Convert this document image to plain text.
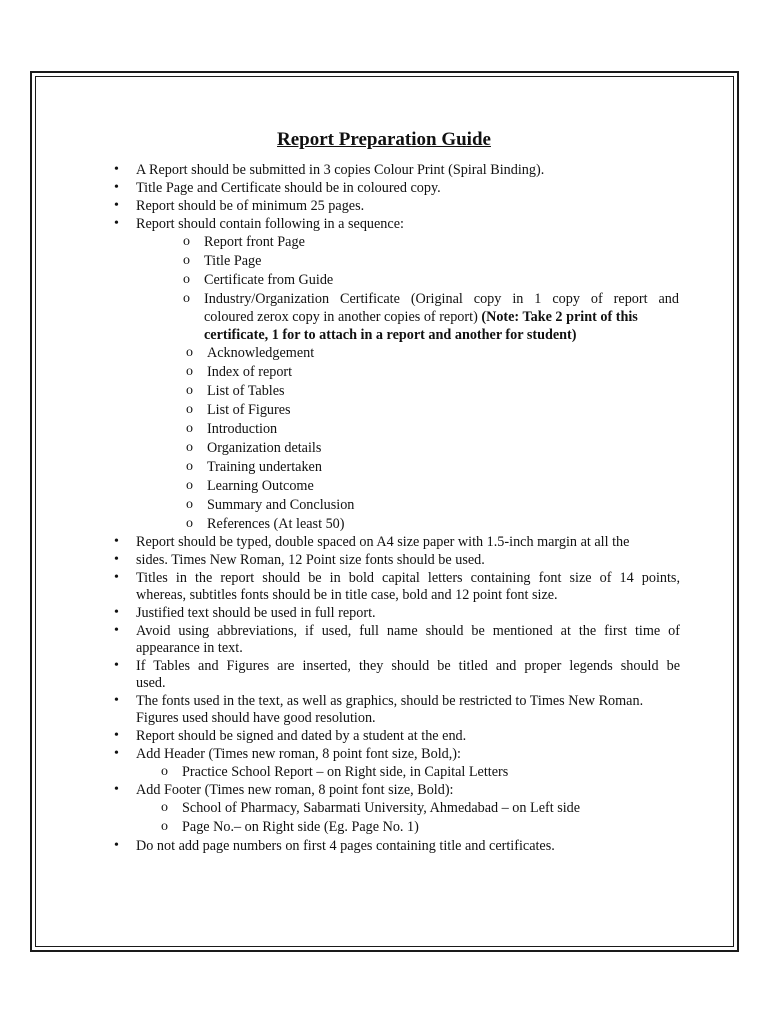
Report Preparation Guide
• A Report should be submitted in 3 copies Colour Print (Spiral Binding).
• Title Page and Certificate should be in coloured copy.
• Report should be of minimum 25 pages.
• Report should contain following in a sequence:
o Report front Page
o Title Page
o Certificate from Guide
o Industry/Organization Certificate (Original copy in 1 copy of report and
coloured zerox copy in another copies of report) (Note: Take 2 print of this
certificate, 1 for to attach in a report and another for student)
o Acknowledgement
o Index of report
o List of Tables
o List of Figures
o Introduction
o Organization details
o Training undertaken
o Learning Outcome
o Summary and Conclusion
o References (At least 50)
• Report should be typed, double spaced on A4 size paper with 1.5-inch margin at all the
• sides. Times New Roman, 12 Point size fonts should be used.
• Titles in the report should be in bold capital letters containing font size of 14 points,
whereas, subtitles fonts should be in title case, bold and 12 point font size.
• Justified text should be used in full report.
• Avoid using abbreviations, if used, full name should be mentioned at the first time of
appearance in text.
• If Tables and Figures are inserted, they should be titled and proper legends should be
used.
• The fonts used in the text, as well as graphics, should be restricted to Times New Roman.
Figures used should have good resolution.
• Report should be signed and dated by a student at the end.
• Add Header (Times new roman, 8 point font size, Bold,):
o Practice School Report – on Right side, in Capital Letters
• Add Footer (Times new roman, 8 point font size, Bold):
o School of Pharmacy, Sabarmati University, Ahmedabad – on Left side
o Page No.– on Right side (Eg. Page No. 1)
• Do not add page numbers on first 4 pages containing title and certificates.
